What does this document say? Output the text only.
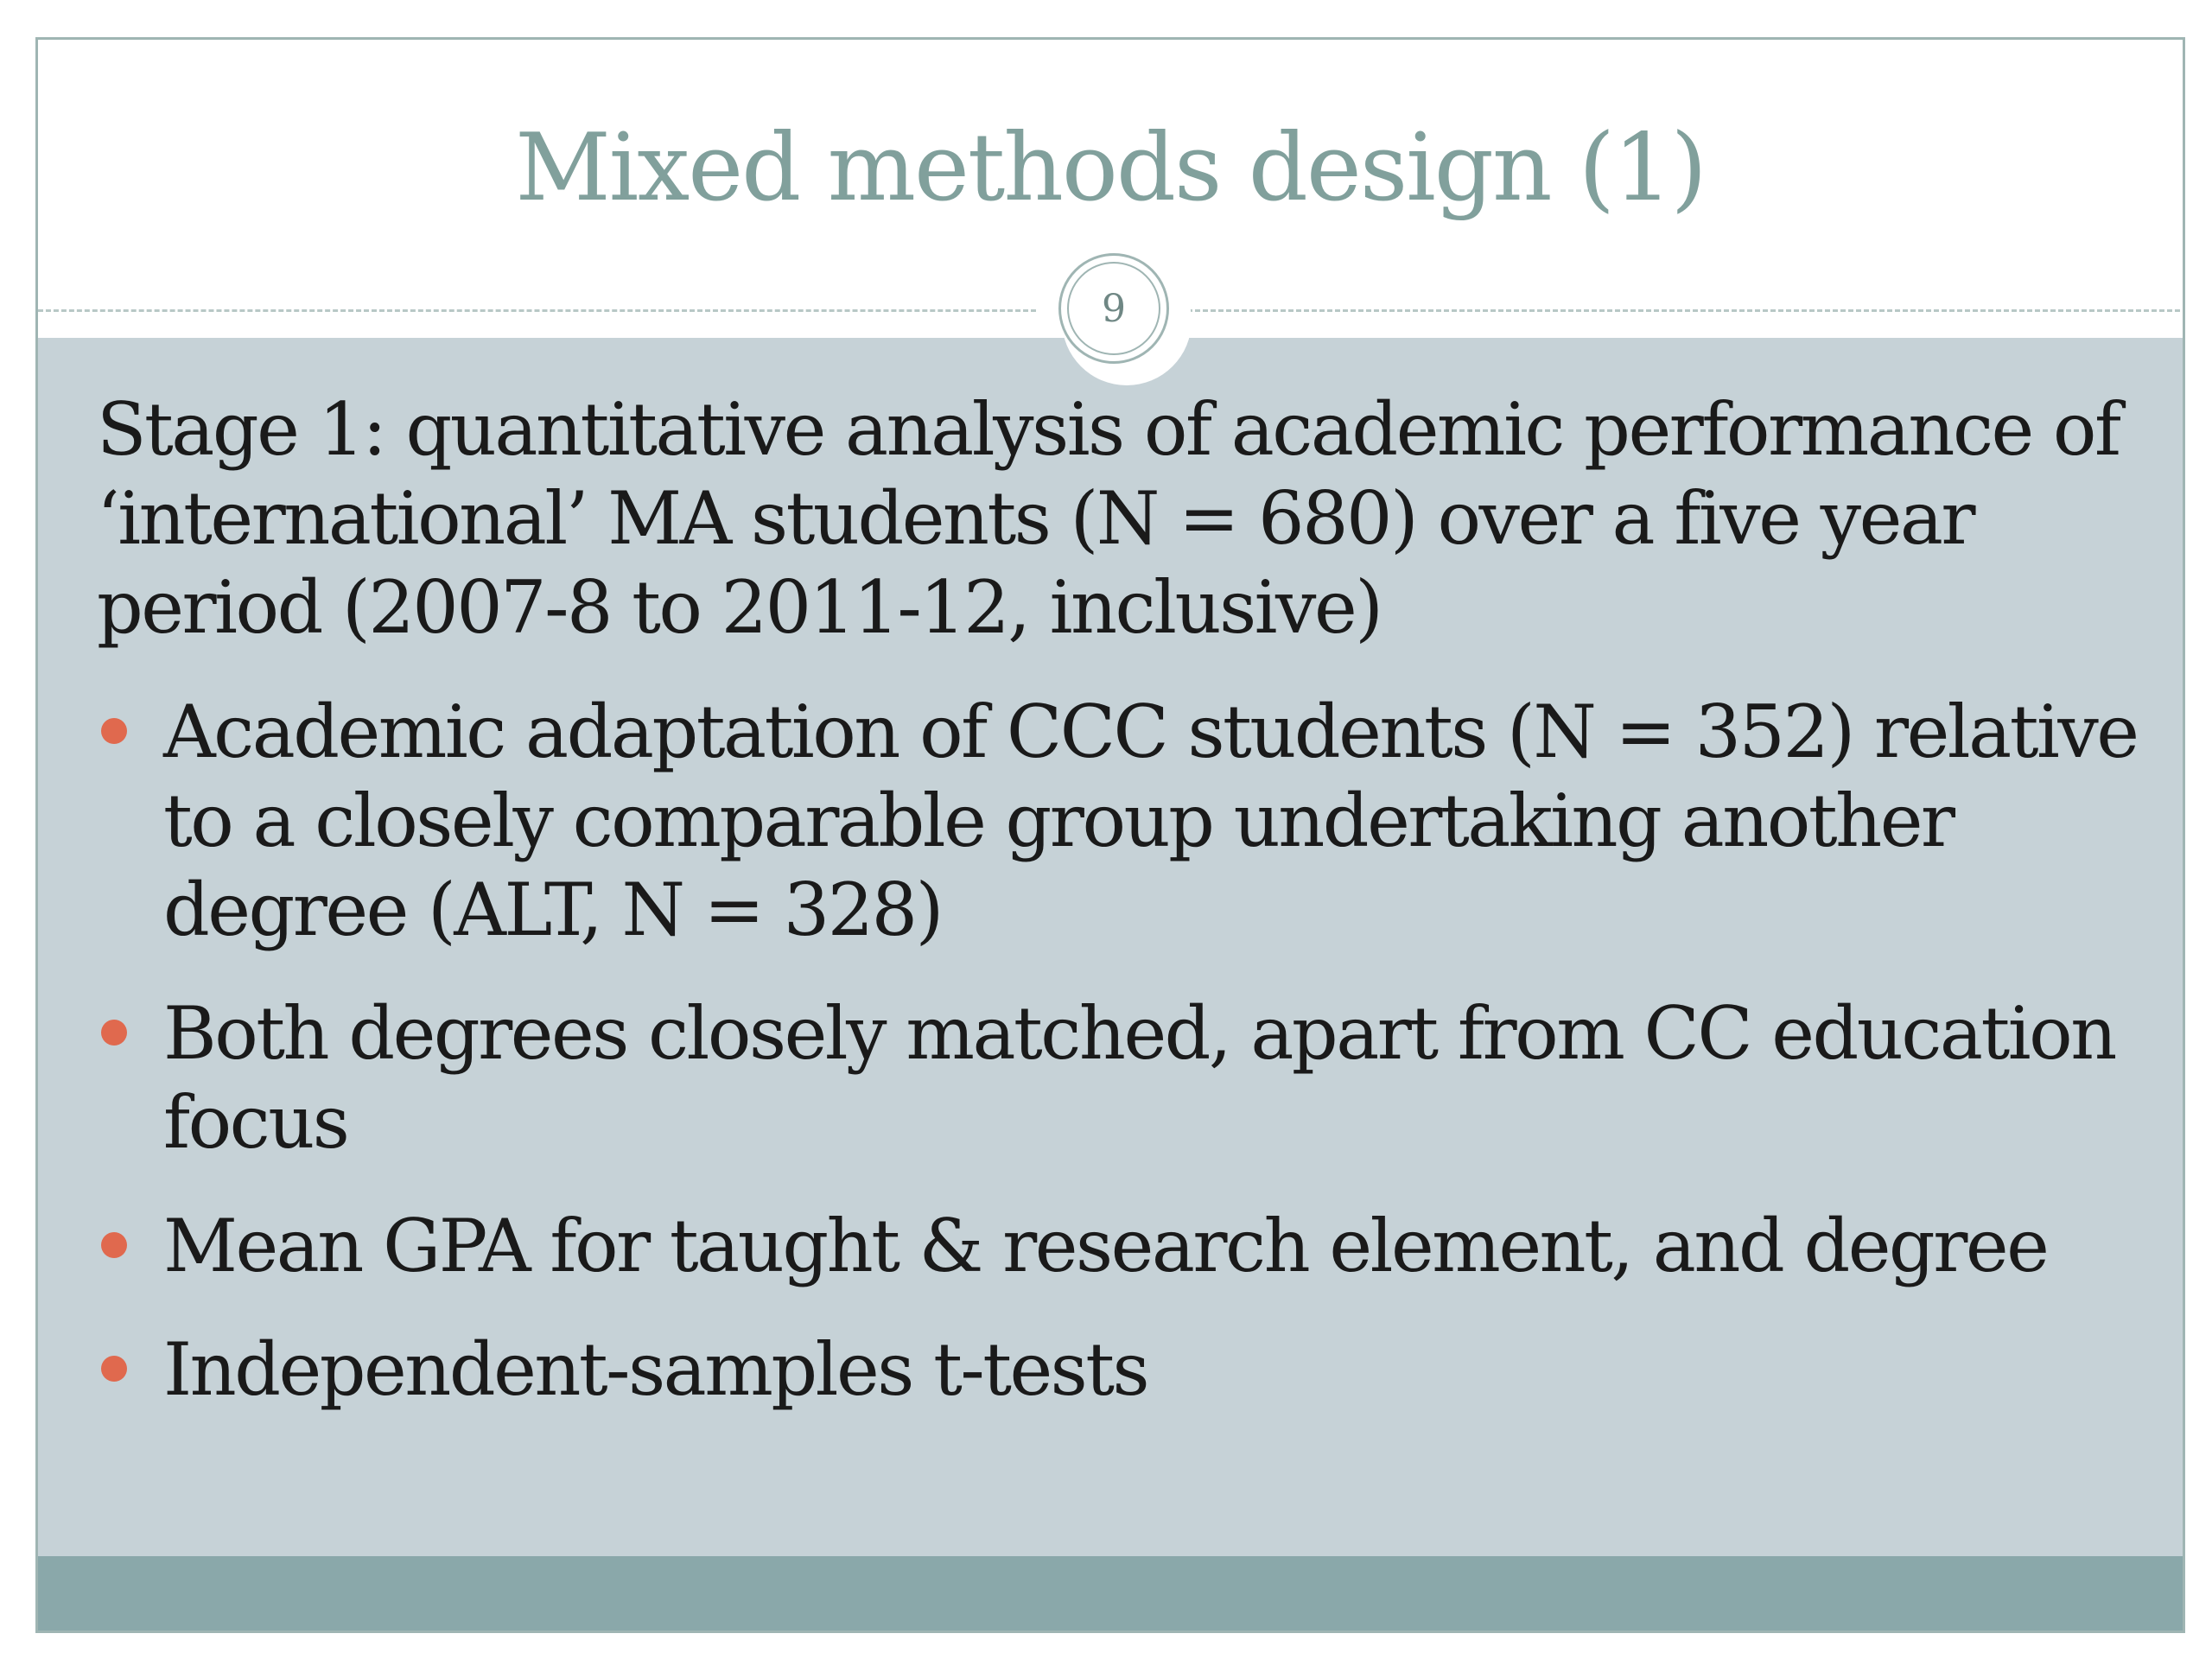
Mixed methods design (1)
9

Stage 1: quantitative analysis of academic performance of ‘international’ MA students (N = 680) over a five year period (2007-8 to 2011-12, inclusive)

Academic adaptation of CCC students (N = 352) relative to a closely comparable group undertaking another degree (ALT, N = 328)
Both degrees closely matched, apart from CC education focus
Mean GPA for taught & research element, and degree
Independent-samples t-tests
